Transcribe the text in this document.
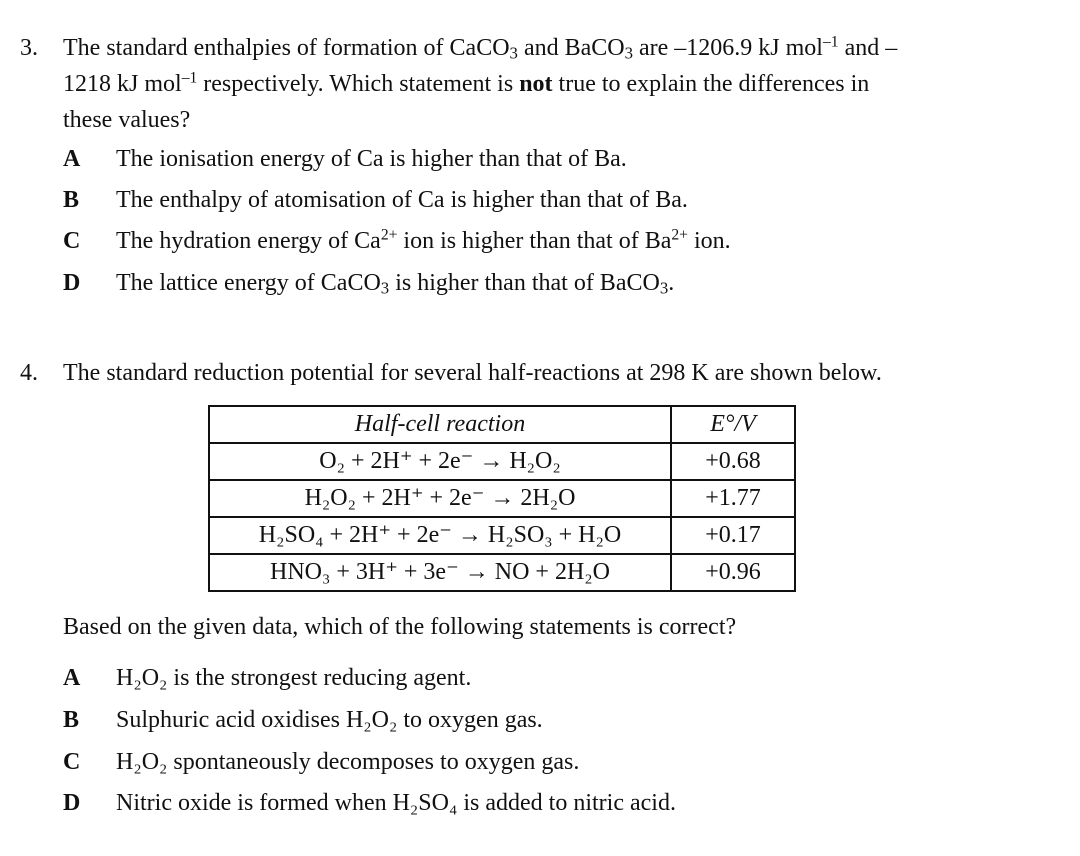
3. The standard enthalpies of formation of CaCO$_3$ and BaCO$_3$ are –1206.9 kJ mol$^{-1}$ and –
1218 kJ mol$^{-1}$ respectively. Which statement is not true to explain the differences in
these values?
A The ionisation energy of Ca is higher than that of Ba.
B The enthalpy of atomisation of Ca is higher than that of Ba.
C The hydration energy of $Ca^{2+}$ ion is higher than that of $Ba^{2+}$ ion.
D The lattice energy of CaCO$_3$ is higher than that of BaCO$_3$.
4. The standard reduction potential for several half-reactions at 298 K are shown below.
Half-cell reaction	E°/V
O₂ + 2H⁺ + 2e⁻ → H₂O₂	+0.68
H₂O₂ + 2H⁺ + 2e⁻ → 2H₂O	+1.77
H₂SO₄ + 2H⁺ + 2e⁻ → H₂SO₃ + H₂O	+0.17
HNO₃ + 3H⁺ + 3e⁻ → NO + 2H₂O	+0.96
Based on the given data, which of the following statements is correct?
A H₂O₂ is the strongest reducing agent.
B Sulphuric acid oxidises H₂O₂ to oxygen gas.
C H₂O₂ spontaneously decomposes to oxygen gas.
D Nitric oxide is formed when H₂SO₄ is added to nitric acid.
